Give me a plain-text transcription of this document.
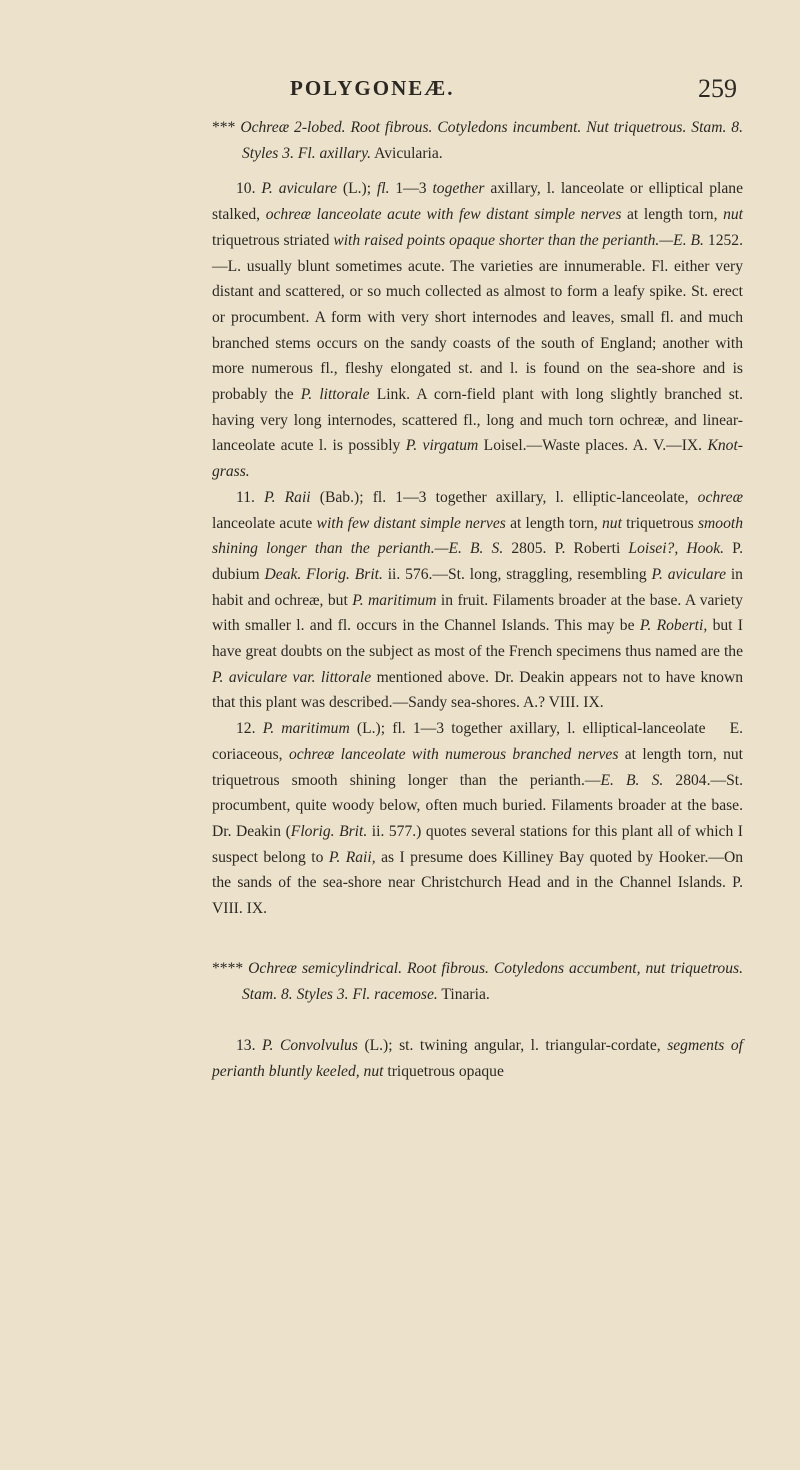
POLYGONEÆ.	259

*** Ochreæ 2-lobed. Root fibrous. Cotyledons incumbent. Nut triquetrous. Stam. 8. Styles 3. Fl. axillary. Avicularia.

10. P. aviculare (L.); fl. 1—3 together axillary, l. lanceolate or elliptical plane stalked, ochreæ lanceolate acute with few distant simple nerves at length torn, nut triquetrous striated with raised points opaque shorter than the perianth.—E. B. 1252.—L. usually blunt sometimes acute. The varieties are innumerable. Fl. either very distant and scattered, or so much collected as almost to form a leafy spike. St. erect or procumbent. A form with very short internodes and leaves, small fl. and much branched stems occurs on the sandy coasts of the south of England; another with more numerous fl., fleshy elongated st. and l. is found on the sea-shore and is probably the P. littorale Link. A corn-field plant with long slightly branched st. having very long internodes, scattered fl., long and much torn ochreæ, and linear-lanceolate acute l. is possibly P. virgatum Loisel.—Waste places. A. V.—IX. Knot-grass.

11. P. Raii (Bab.); fl. 1—3 together axillary, l. elliptic-lanceolate, ochreæ lanceolate acute with few distant simple nerves at length torn, nut triquetrous smooth shining longer than the perianth.—E. B. S. 2805. P. Roberti Loisei?, Hook. P. dubium Deak. Florig. Brit. ii. 576.—St. long, straggling, resembling P. aviculare in habit and ochreæ, but P. maritimum in fruit. Filaments broader at the base. A variety with smaller l. and fl. occurs in the Channel Islands. This may be P. Roberti, but I have great doubts on the subject as most of the French specimens thus named are the P. aviculare var. littorale mentioned above. Dr. Deakin appears not to have known that this plant was described.—Sandy sea-shores. A.? VIII. IX.

E.
12. P. maritimum (L.); fl. 1—3 together axillary, l. elliptical-lanceolate coriaceous, ochreæ lanceolate with numerous branched nerves at length torn, nut triquetrous smooth shining longer than the perianth.—E. B. S. 2804.—St. procumbent, quite woody below, often much buried. Filaments broader at the base. Dr. Deakin (Florig. Brit. ii. 577.) quotes several stations for this plant all of which I suspect belong to P. Raii, as I presume does Killiney Bay quoted by Hooker.—On the sands of the sea-shore near Christchurch Head and in the Channel Islands. P. VIII. IX.

**** Ochreæ semicylindrical. Root fibrous. Cotyledons accumbent, nut triquetrous. Stam. 8. Styles 3. Fl. racemose. Tinaria.

13. P. Convolvulus (L.); st. twining angular, l. triangular-cordate, segments of perianth bluntly keeled, nut triquetrous opaque
